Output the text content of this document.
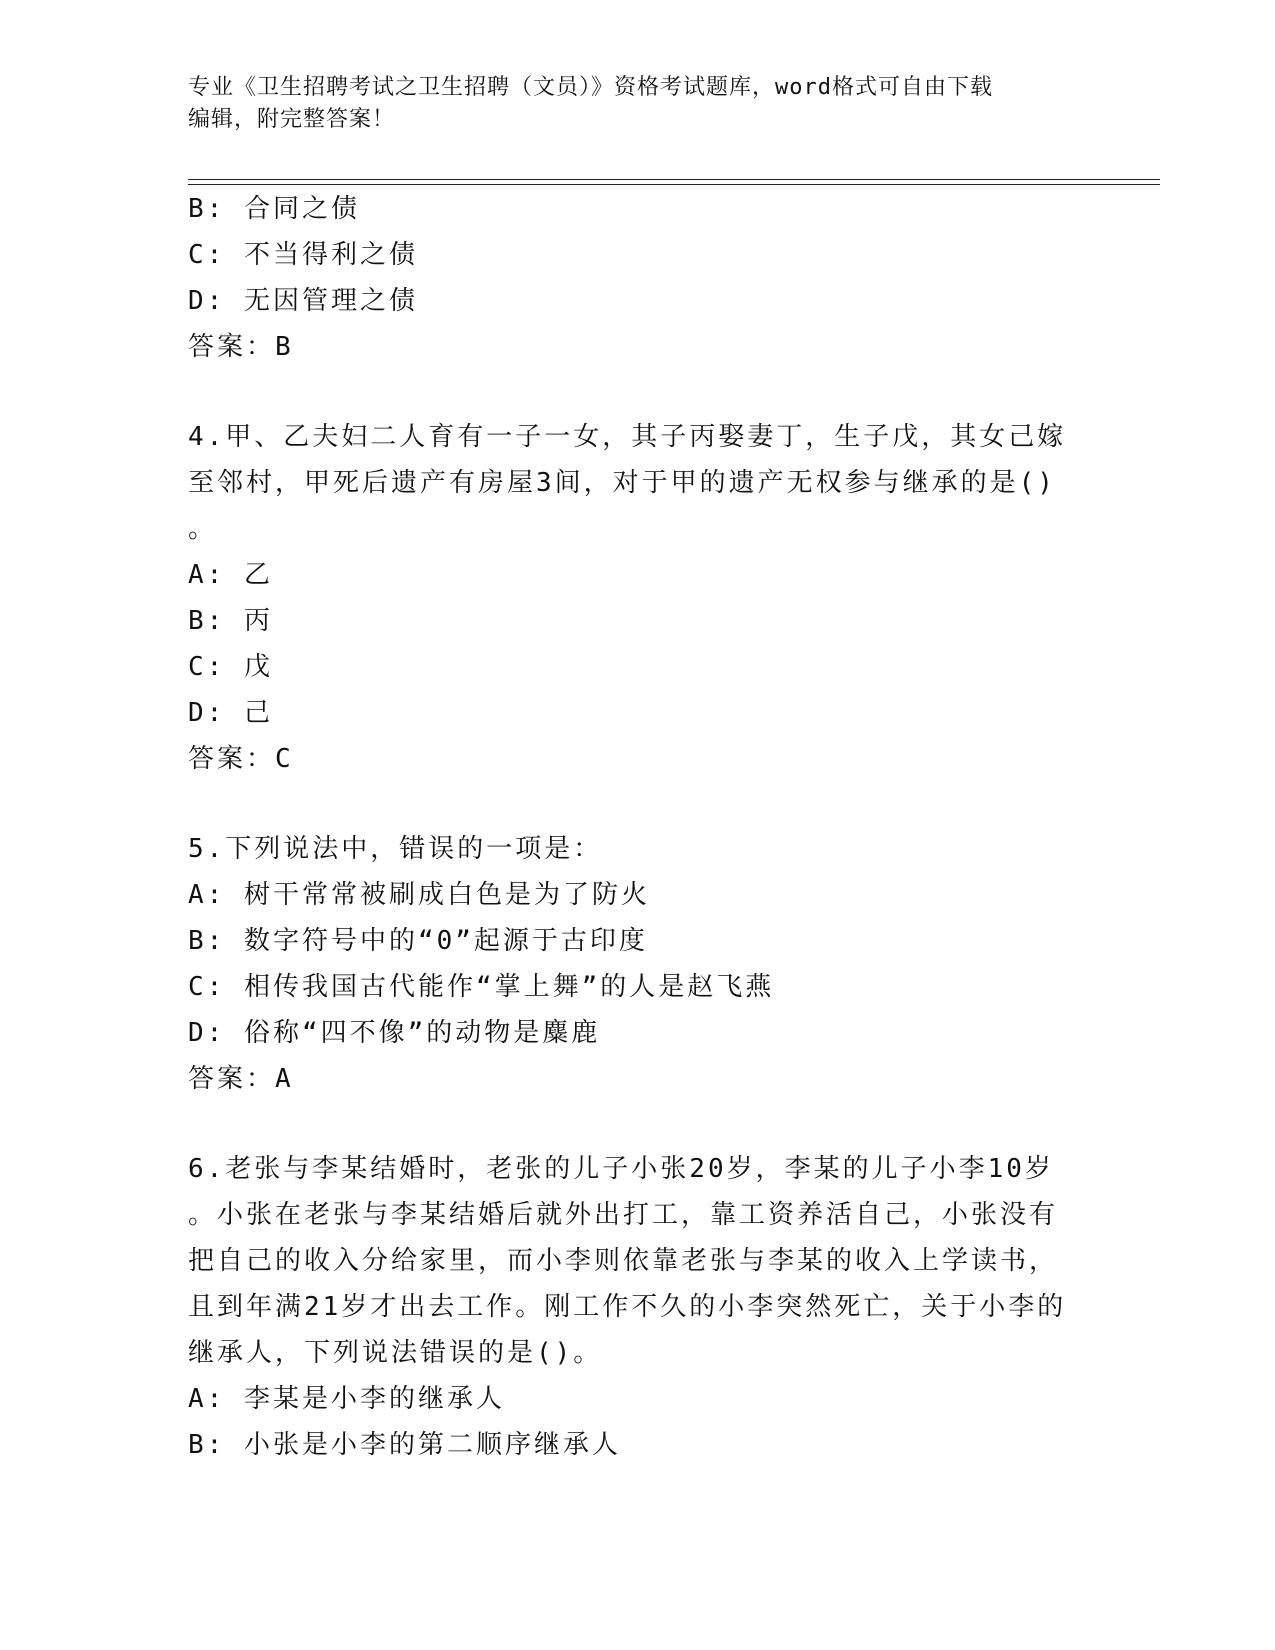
专业《卫生招聘考试之卫生招聘（文员）》资格考试题库，word格式可自由下载
编辑，附完整答案！
B: 合同之债
C: 不当得利之债
D: 无因管理之债
答案：B
4.甲、乙夫妇二人育有一子一女，其子丙娶妻丁，生子戊，其女己嫁
至邻村，甲死后遗产有房屋3间，对于甲的遗产无权参与继承的是()
。
A: 乙
B: 丙
C: 戊
D: 己
答案：C
5.下列说法中，错误的一项是：
A: 树干常常被刷成白色是为了防火
B: 数字符号中的“0”起源于古印度
C: 相传我国古代能作“掌上舞”的人是赵飞燕
D: 俗称“四不像”的动物是麋鹿
答案：A
6.老张与李某结婚时，老张的儿子小张20岁，李某的儿子小李10岁
。小张在老张与李某结婚后就外出打工，靠工资养活自己，小张没有
把自己的收入分给家里，而小李则依靠老张与李某的收入上学读书，
且到年满21岁才出去工作。刚工作不久的小李突然死亡，关于小李的
继承人，下列说法错误的是()。
A: 李某是小李的继承人
B: 小张是小李的第二顺序继承人
